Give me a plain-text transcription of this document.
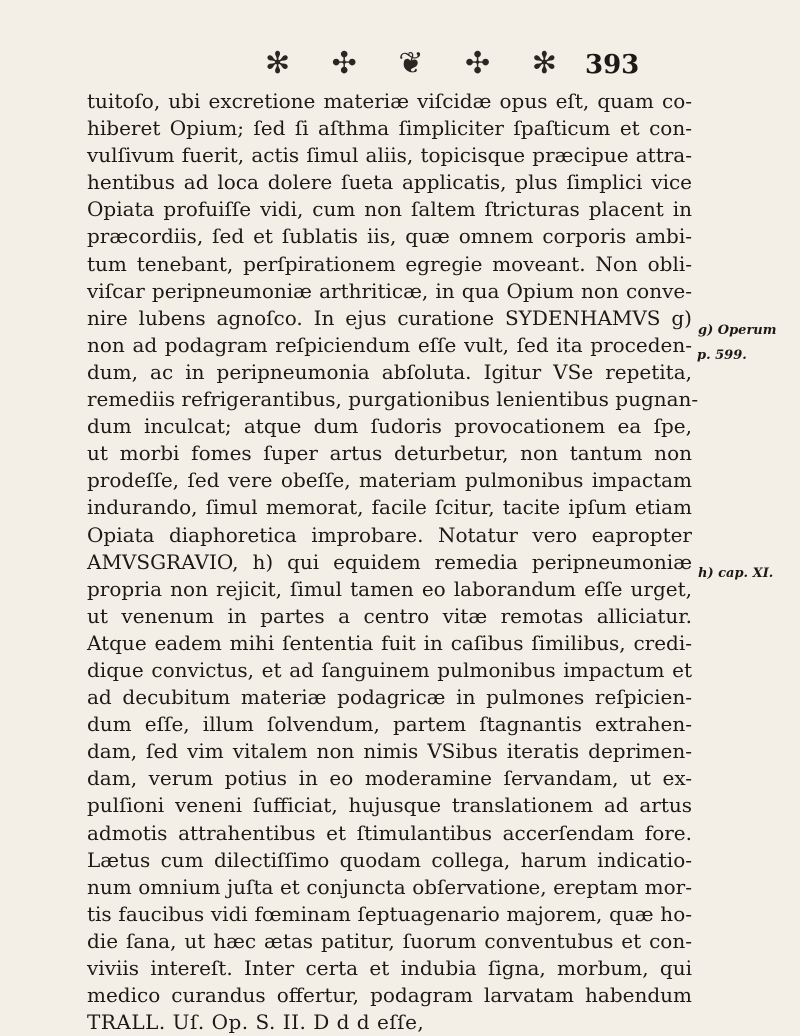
✻ ✣ ❦ ✣ ✻ 393
tuitoſo, ubi excretione materiæ viſcidæ opus eſt, quam co-
hiberet Opium; ſed ſi aſthma ſimpliciter ſpaſticum et con-
vulſivum fuerit, actis ſimul aliis, topicisque præcipue attra-
hentibus ad loca dolere ſueta applicatis, plus ſimplici vice
Opiata profuiſſe vidi, cum non ſaltem ſtricturas placent in
præcordiis, ſed et ſublatis iis, quæ omnem corporis ambi-
tum tenebant, perſpirationem egregie moveant. Non obli-
viſcar peripneumoniæ arthriticæ, in qua Opium non conve-
nire lubens agnoſco. In ejus curatione SYDENHAMVS g)
non ad podagram reſpiciendum eſſe vult, ſed ita proceden-
dum, ac in peripneumonia abſoluta. Igitur VSe repetita,
remediis refrigerantibus, purgationibus lenientibus pugnan-
dum inculcat; atque dum ſudoris provocationem ea ſpe,
ut morbi fomes ſuper artus deturbetur, non tantum non
prodeſſe, ſed vere obeſſe, materiam pulmonibus impactam
indurando, ſimul memorat, facile ſcitur, tacite ipſum etiam
Opiata diaphoretica improbare. Notatur vero eapropter
AMVSGRAVIO, h) qui equidem remedia peripneumoniæ
propria non rejicit, ſimul tamen eo laborandum eſſe urget,
ut venenum in partes a centro vitæ remotas alliciatur.
Atque eadem mihi ſententia fuit in caſibus ſimilibus, credi-
dique convictus, et ad ſanguinem pulmonibus impactum et
ad decubitum materiæ podagricæ in pulmones reſpicien-
dum eſſe, illum ſolvendum, partem ſtagnantis extrahen-
dam, ſed vim vitalem non nimis VSibus iteratis deprimen-
dam, verum potius in eo moderamine ſervandam, ut ex-
pulſioni veneni ſufficiat, hujusque translationem ad artus
admotis attrahentibus et ſtimulantibus accerſendam fore.
Lætus cum dilectiſſimo quodam collega, harum indicatio-
num omnium juſta et conjuncta obſervatione, ereptam mor-
tis faucibus vidi fœminam ſeptuagenario majorem, quæ ho-
die ſana, ut hæc ætas patitur, ſuorum conventubus et con-
viviis intereſt. Inter certa et indubia ſigna, morbum, qui
medico curandus offertur, podagram larvatam habendum
TRALL. Uſ. Op. S. II. D d d eſſe,
g) Operum
p. 599.
h) cap. XI.
